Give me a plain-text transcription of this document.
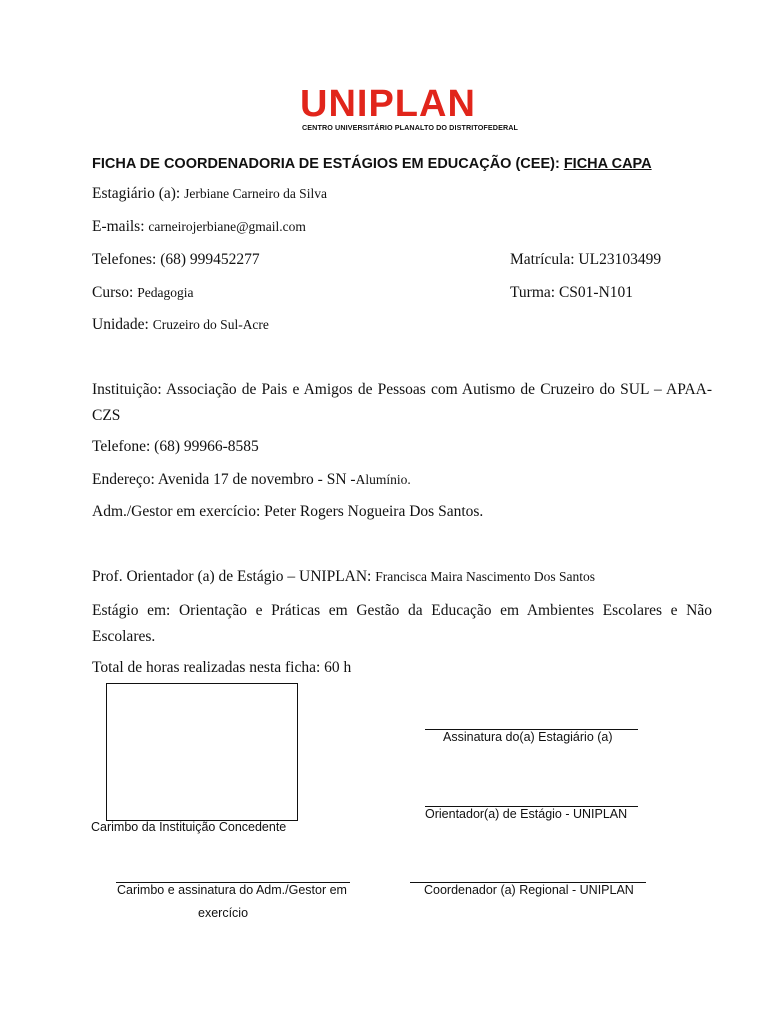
UNIPLAN
CENTRO UNIVERSITÁRIO PLANALTO DO DISTRITOFEDERAL
FICHA DE COORDENADORIA DE ESTÁGIOS EM EDUCAÇÃO (CEE): FICHA CAPA
Estagiário (a): Jerbiane Carneiro da Silva
E-mails: carneirojerbiane@gmail.com
Telefones: (68) 999452277	Matrícula: UL23103499
Curso: Pedagogia	Turma: CS01-N101
Unidade: Cruzeiro do Sul-Acre
Instituição: Associação de Pais e Amigos de Pessoas com Autismo de Cruzeiro do SUL – APAA-CZS
Telefone: (68) 99966-8585
Endereço: Avenida 17 de novembro - SN -Alumínio.
Adm./Gestor em exercício: Peter Rogers Nogueira Dos Santos.
Prof. Orientador (a) de Estágio – UNIPLAN: Francisca Maira Nascimento Dos Santos
Estágio em: Orientação e Práticas em Gestão da Educação em Ambientes Escolares e Não Escolares.
Total de horas realizadas nesta ficha: 60 h
Carimbo da Instituição Concedente
Assinatura do(a) Estagiário (a)
Orientador(a) de Estágio - UNIPLAN
Carimbo e assinatura do Adm./Gestor em
exercício
Coordenador (a) Regional - UNIPLAN
